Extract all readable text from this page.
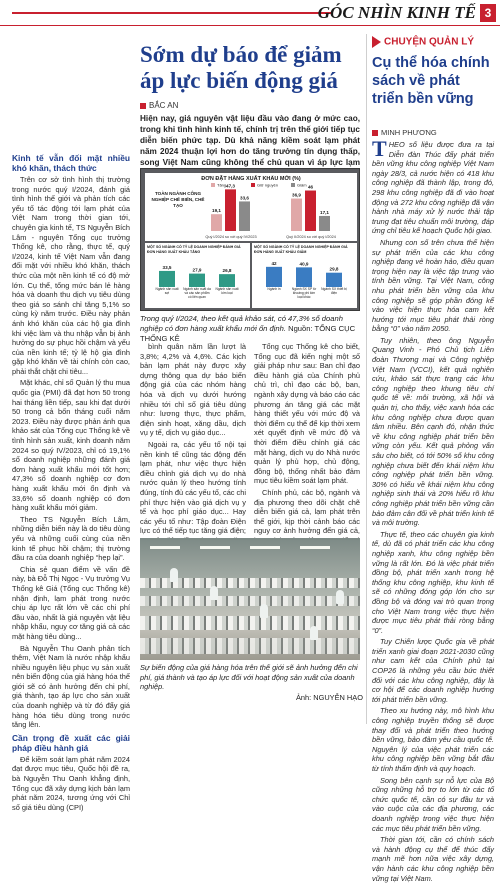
GÓC NHÌN KINH TẾ 3
Sớm dự báo để giảm áp lực biến động giá
BẮC AN
Hiện nay, giá nguyên vật liệu đầu vào đang ở mức cao, trong khi tình hình kinh tế, chính trị trên thế giới tiếp tục diễn biến phức tạp. Dù khả năng kiềm soát lạm phát năm 2024 thuận lợi hơn do tăng trưởng tín dụng thấp, song Việt Nam cũng không thể chủ quan vì áp lực lạm
Kinh tế vẫn đối mặt nhiều khó khăn, thách thức

Trên cơ sở tình hình thị trường trong nước quý I/2024, đánh giá tình hình thế giới và phản tích các yếu tố tác động tới lạm phát của Việt Nam trong thời gian tới, chuyên gia kinh tế, TS Nguyễn Bích Lâm - nguyên Tổng cục trưởng Thống kê, cho rằng, thực tế, quý I/2024, kinh tế Việt Nam vẫn đang đối mặt với nhiều khó khăn, thách thức của một nền kinh tế có độ mở lớn. Cụ thể, tổng mức bán lẻ hàng hóa và doanh thu dịch vụ tiêu dùng theo giá so sánh chỉ tăng 5,1% so cùng kỳ năm trước. Điều này phản ánh khó khăn của các hộ gia đình khi việc làm và thu nhập vẫn bị ảnh hưởng do sự phục hồi chậm và yếu của nền kinh tế; tỷ lệ hộ gia đình gặp khó khăn về tài chính còn cao, phải thắt chặt chi tiêu...

Mặt khác, chỉ số Quản lý thu mua quốc gia (PMI) đã đạt hơn 50 trong hai tháng liền tiếp, sau khi đạt dưới 50 trong cả bốn tháng cuối năm 2023. Điều này được phản ánh qua khảo sát của Tổng cục Thống kê về tình hình sản xuất, kinh doanh năm 2024 so quý IV/2023, chỉ có 19,1% số doanh nghiệp những đánh giá đơn hàng xuất khẩu mới tốt hơn; 47,3% số doanh nghiệp cơ đơn hàng xuất khẩu mới ổn định và 33,6% số doanh nghiệp có đơn hàng xuất khẩu mới giảm.

Theo TS Nguyễn Bích Lâm, những diễn biến này là do tiêu dùng yếu và những cuối cùng của nền kinh tế phục hồi chậm; thị trường đầu ra của doanh nghiệp “hẹp lại”.

Chia sẻ quan điểm về vấn đề này, bà Đỗ Thị Ngọc - Vụ trưởng Vụ Thống kê Giá (Tổng cục Thống kê) nhận định, lạm phát trong nước chịu áp lực rất lớn về các chi phí đầu vào, nhất là giá nguyên vật liệu nhập khẩu, nguy cơ tăng giá cả các mặt hàng tiêu dùng...

Bà Nguyễn Thu Oanh phân tích thêm, Việt Nam là nước nhập khẩu nhiều nguyên liệu phục vụ sản xuất nên biến động của giá hàng hóa thế giới sẽ có ảnh hưởng đến chi phí, giá thành, tạo áp lực cho sản xuất của doanh nghiệp và từ đó đẩy giá hàng hóa tiêu dùng trong nước tăng lên.

Cần trọng đề xuất các giải pháp điều hành giá

Để kiềm soát lạm phát năm 2024 đạt được mục tiêu, Quốc hội đề ra, bà Nguyễn Thu Oanh khẳng định, Tổng cục đã xây dựng kịch bản lạm phát năm 2024, tương ứng với Chỉ số giá tiêu dùng (CPI)

ĐƠN ĐẶT HÀNG XUẤT KHẨU MỚI (%)
TOÀN NGÀNH CÔNG NGHIỆP CHẾ BIẾN, CHẾ TẠO
Quý I/2024 so với quý IV/2023	Quý II/2024 so với quý I/2024
MỘT SỐ NGÀNH CÓ TỶ LỆ DOANH NGHIỆP ĐÁNH GIÁ ĐƠN HÀNG XUẤT KHẨU TĂNG
MỘT SỐ NGÀNH CÓ TỶ LỆ DOANH NGHIỆP ĐÁNH GIÁ ĐƠN HÀNG XUẤT KHẨU GIẢM
19,1
47,3
33,6
36,9
46
17,1
Tăng	Giữ nguyên	Giảm
33,5
Ngành sản xuất sợi
27,9
Ngành sản xuất da và các sản phẩm có liên quan
26,8
Ngành sản xuất kim loại
42
Ngành in
40,9
Ngành SX SP từ khoáng phi kim loại khác
29,8
Ngành SX thiết bị điện
Trong quý I/2024, theo kết quả khảo sát, có 47,3% số doanh nghiệp có đơn hàng xuất khẩu mới ổn định. Nguồn: TỔNG CỤC THỐNG KÊ

bình quân năm lần lượt là 3,8%; 4,2% và 4,6%. Các kịch bản lạm phát này được xây dựng thông qua dự báo biến động giá của các nhóm hàng hóa và dịch vụ dưới hướng nhiều tới chỉ số giá tiêu dùng như: lương thực, thực phẩm, điện sinh hoạt, xăng dầu, dịch vụ y tế, dịch vụ giáo dục...

Ngoài ra, các yếu tố nội tại nền kinh tế cũng tác động đến lạm phát, như việc thực hiện điều chỉnh giá dịch vụ do nhà nước quản lý theo hướng tính đúng, tính đủ các yếu tố, các chi phí thực hiện vào giá dịch vụ y tế và học phí giáo dục... Hay các yếu tố như: Tập đoàn Điện lực có thể tiếp tục tăng giá điện;

Tổng cục Thống kê cho biết, Tổng cục đã kiến nghị một số giải pháp như sau: Ban chỉ đạo điều hành giá của Chính phủ chủ trì, chỉ đạo các bộ, ban, ngành xây dựng và báo cáo các phương án tăng giá các mặt hàng thiết yếu với mức độ và thời điểm cụ thể để kịp thời xem xét quyết định về mức độ và thời điểm điều chỉnh giá các mặt hàng, dịch vụ do Nhà nước quản lý phù hợp, chủ động, đồng bộ, thống nhất bảo đảm mục tiêu kiềm soát lạm phát.

Chính phủ, các bộ, ngành và địa phương theo dõi chặt chẽ diễn biến giá cả, lạm phát trên thế giới, kịp thời cảnh báo các nguy cơ ảnh hưởng đến giá cả,

Sự biến động của giá hàng hóa trên thế giới sẽ ảnh hưởng đến chi phí, giá thành và tạo áp lực đối với hoạt động sản xuất của doanh nghiệp.
Ảnh: NGUYỄN HẠO
CHUYỆN QUẢN LÝ
Cụ thể hóa chính sách về phát triển bền vững
MINH PHƯƠNG

THEO số liệu được đưa ra tại Diễn đàn Thúc đẩy phát triển bền vững khu công nghiệp Việt Nam ngày 28/3, cả nước hiện có 418 khu công nghiệp đã thành lập, trong đó, 298 khu công nghiệp đã đi vào hoạt động và 272 khu công nghiệp đã vận hành nhà máy xử lý nước thải tập trung đạt tiêu chuẩn môi trường, đáp ứng chỉ tiêu kế hoạch Quốc hội giao.

Nhưng con số trên chưa thể hiện sự phát triển của các khu công nghiệp đang vẻ hoàn hảo, điều quan trọng hiện nay là việc tập trung vào tính bền vững. Tại Việt Nam, công nhu phát triển bền vững của khu công nghiệp sẽ góp phần đóng kể vào việc hiện thực hóa cam kết hướng tới mục tiêu phát thải ròng bằng “0” vào năm 2050.

Tuy nhiên, theo ông Nguyễn Quang Vinh - Phó Chủ tịch Liên đoàn Thương mại và Công nghiệp Việt Nam (VCCI), kết quả nghiên cứu, khảo sát thực trạng các khu công nghiệp theo khung tiêu chí quốc tế về: môi trường, xã hội và quản trị, cho thấy, việc xanh hóa các khu công nghiệp chưa được quan tâm nhiều. Bên cạnh đó, nhận thức về khu công nghiệp phát triển bền vững còn yếu. Kết quả phỏng vấn sâu cho biết, có tới 50% số khu công nghiệp chưa biết đến khái niệm khu công nghiệp phát triển bền vững. 30% có hiểu về khái niệm khu công nghiệp sinh thái và 20% hiểu rõ khu công nghiệp phát triển bền vững cần bảo đảm cân đối về phát triển kinh tế và môi trường.

Thực tế, theo các chuyên gia kinh tế, dù đã có phát triển các khu công nghiệp xanh, khu công nghiệp bền vững là rất lớn. Đó là việc phát triển đồng bộ, phát triển xanh trong hệ thống khu công nghiệp, khu kinh tế sẽ có những đóng góp lớn cho sự đồng bộ và đóng vai trò quan trọng cho Việt Nam trong việc thực hiện được mục tiêu phát thải ròng bằng “0”.

Tuy Chiến lược Quốc gia về phát triển xanh giai đoạn 2021-2030 cũng như cam kết của Chính phủ tại COP26 là những yêu cầu bức thiết đối với các khu công nghiệp, đây là cơ hội để các doanh nghiệp hướng tới phát triển bền vững.

Theo xu hướng này, mô hình khu công nghiệp truyền thống sẽ được thay đổi và phát triển theo hướng bền vững, bảo đảm yêu cầu quốc tế. Nguyên lý của việc phát triển các khu công nghiệp bền vững bắt đầu từ tính thẩm định và quy hoạch.

Song bên cạnh sự nỗ lực của Bộ cũng những hỗ trợ to lớn từ các tổ chức quốc tế, cần có sự đầu tư và vào cuộc của các địa phương, các doanh nghiệp trong việc thực hiện các mục tiêu phát triển bền vững.

Thời gian tới, cần có chính sách và hành động cụ thể để thúc đẩy mạnh mẽ hơn nữa việc xây dựng, vận hành các khu công nghiệp bền vững tại Việt Nam.
